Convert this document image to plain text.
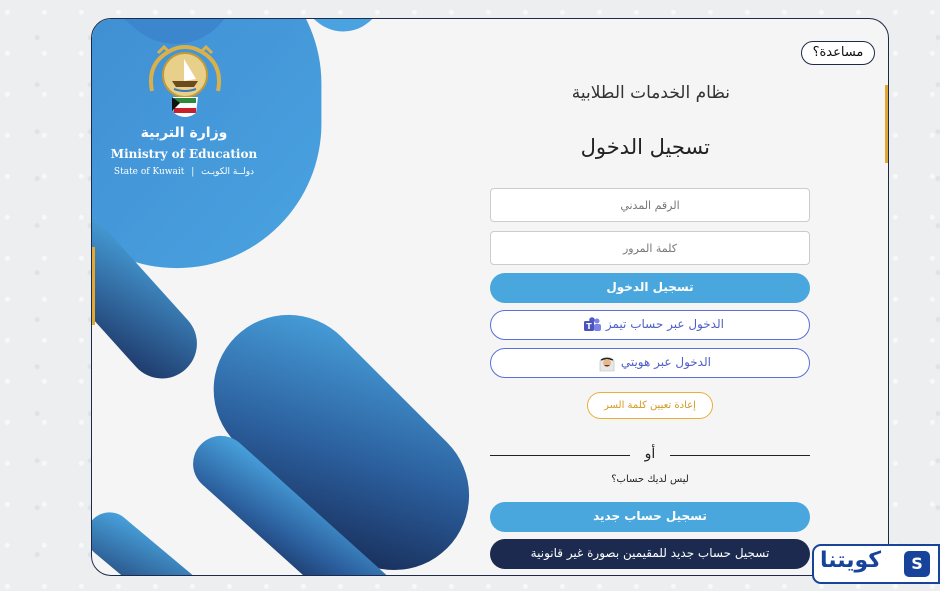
وزارة التربية
Ministry of Education
State of Kuwait | دولــة الكويـت
مساعدة؟
نظام الخدمات الطلابية
تسجيل الدخول
الرقم المدني
تسجيل الدخول
الدخول عبر حساب تيمز
T
الدخول عبر هويتي
إعادة تعيين كلمة السر
أو
ليس لديك حساب؟
تسجيل حساب جديد
تسجيل حساب جديد للمقيمين بصورة غير قانونية	كويتنا	S
